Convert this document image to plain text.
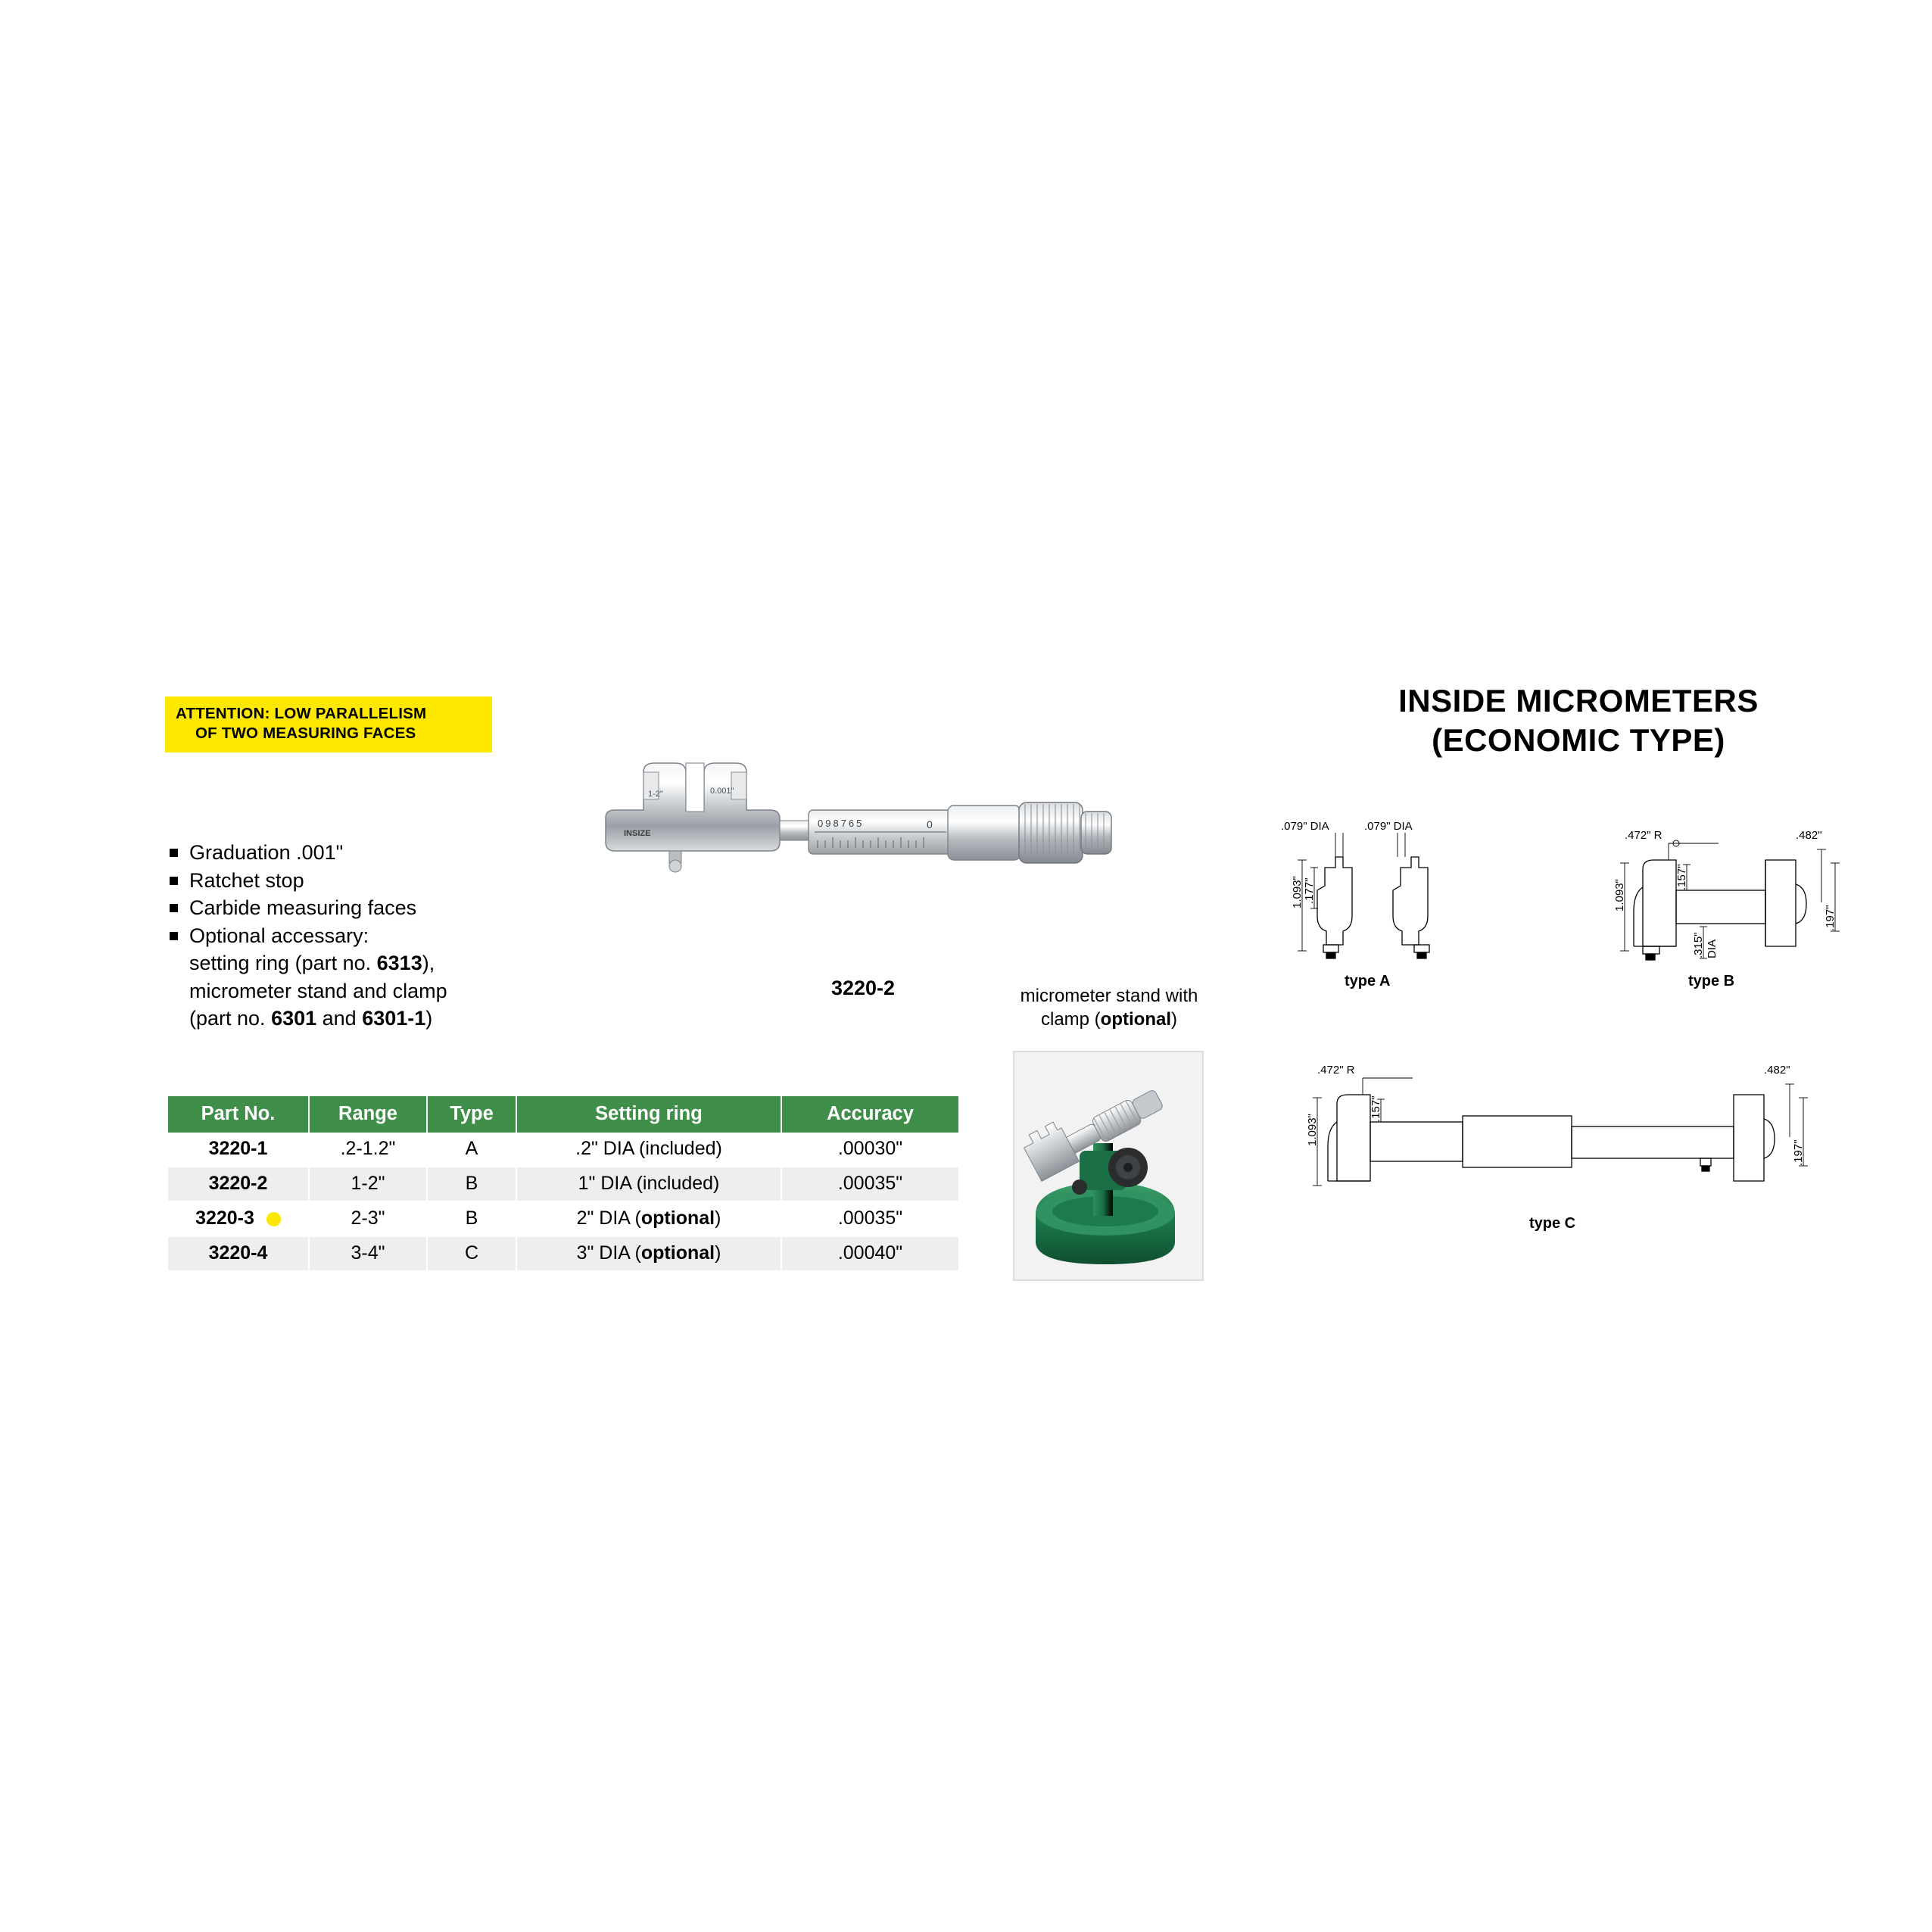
ATTENTION: LOW PARALLELISM
OF TWO MEASURING FACES
Graduation .001"
Ratchet stop
Carbide measuring faces
Optional accessary:
setting ring (part no. 6313),
micrometer stand and clamp
(part no. 6301 and 6301-1)
Part No.	Range	Type	Setting ring	Accuracy
3220-1	.2-1.2"	A	.2" DIA (included)	.00030"
3220-2	1-2"	B	1" DIA (included)	.00035"
3220-3	2-3"	B	2" DIA (optional)	.00035"
3220-4	3-4"	C	3" DIA (optional)	.00040"
INSIZE
1-2"	0.001"
098765	0
3220-2	micrometer stand with
clamp (optional)
INSIDE MICROMETERS
(ECONOMIC TYPE)
.079" DIA	.079" DIA
1.093" .177"
type A
.472" R	.482"
1.093"
.157"
.315" DIA
.197"
type B
.472" R	.482"
1.093"
.157"
.197"
type C
